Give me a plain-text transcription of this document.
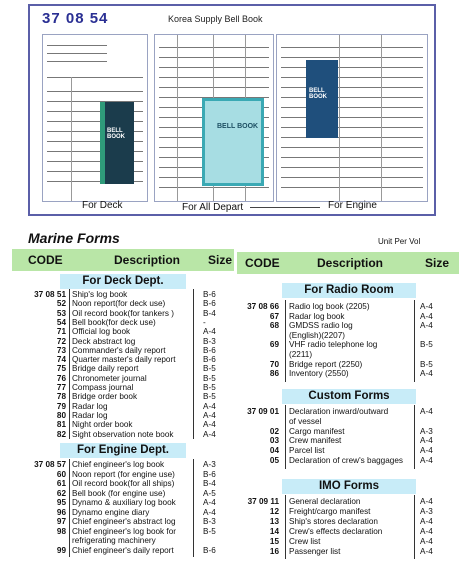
37 08 54	Korea Supply Bell Book
BELL BOOK
BELL BOOK
BELL BOOK
For Deck	For All Depart	For Engine
Marine Forms	Unit Per Vol
CODE	Description Size
For Deck Dept.
37 08 51 Ship's log book	B-6
52 Noon report(for deck use)	B-6
53 Oil record book(for tankers )	B-4
54 Bell book(for deck use)	-
71 Official log book	A-4
72 Deck abstract log	B-3
73 Commander's daily report	B-6
74 Quarter master's daily report	B-6
75 Bridge daily report	B-5
76 Chronometer journal	B-5
77 Compass journal	B-5
78 Bridge order book	B-5
79 Radar log	A-4
80 Radar log	A-4
81 Night order book	A-4
82 Sight observation note book	A-4
For Engine Dept.
37 08 57 Chief engineer's log book	A-3
60 Noon report (for engine use)	B-6
61 Oil record book(for all ships)	B-4
62 Bell book (for engine use)	A-5
95 Dynamo & auxiliary log book	A-4
96 Dynamo engine diary	A-4
97 Chief engineer's abstract log	B-3
98 Chief engineer's log book for	B-5
refrigerating machinery
99 Chief engineer's daily report	B-6
CODE	Description	Size
For Radio Room
37 08 66 Radio log book (2205)	A-4
67 Radar log book	A-4
68 GMDSS radio log	A-4
(English)(2207)
69 VHF radio telephone log	B-5
(2211)
70 Bridge report (2250)	B-5
86 Inventory (2550)	A-4
Custom Forms
37 09 01 Declaration inward/outward	A-4
of vessel
02 Cargo manifest	A-3
03 Crew manifest	A-4
04 Parcel list	A-4
05 Declaration of crew's baggages A-4
IMO Forms
37 09 11 General declaration	A-4
12 Freight/cargo manifest	A-3
13 Ship's stores declaration	A-4
14 Crew's effects declaration	A-4
15 Crew list	A-4
16 Passenger list	A-4
